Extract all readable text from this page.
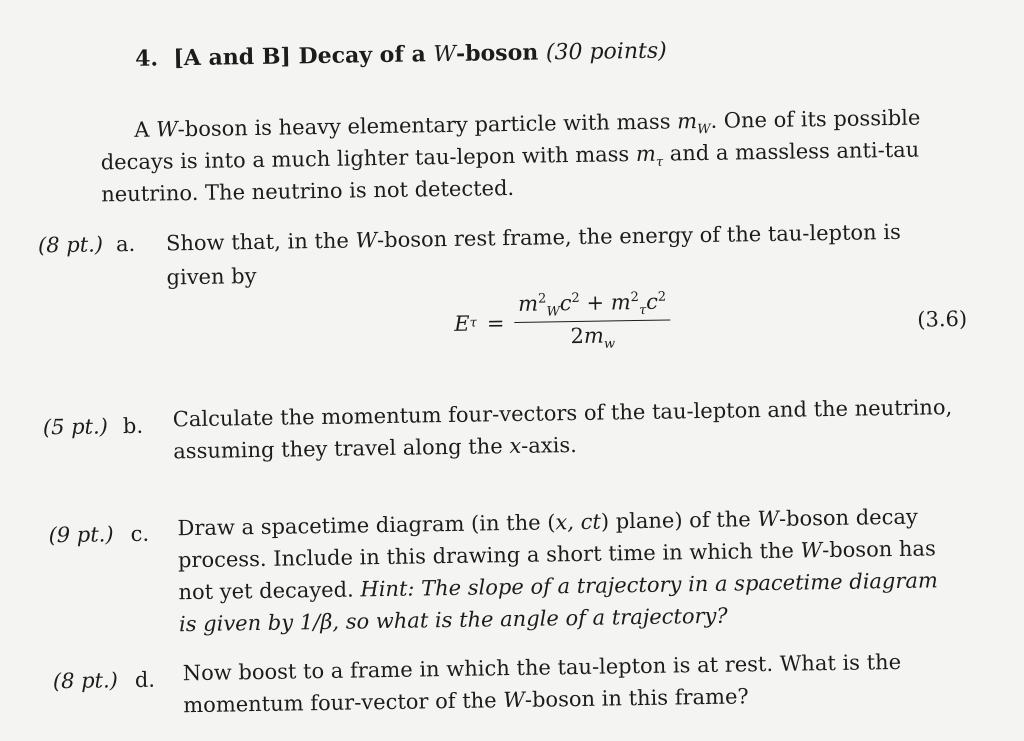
4. [A and B] Decay of a W-boson (30 points)
A W-boson is heavy elementary particle with mass $m_W$. One of its possible
decays is into a much lighter tau-lepon with mass $m_\tau$ and a massless anti-tau
neutrino. The neutrino is not detected.
(8 pt.) a. Show that, in the W-boson rest frame, the energy of the tau-lepton is
given by
E $\tau = \frac{m^2_Wc^2 + m^2_\tau c^2}{2m_w}$	(3.6)
(5 pt.) b. Calculate the momentum four-vectors of the tau-lepton and the neutrino,
assuming they travel along the x-axis.
(9 pt.) c. Draw a spacetime diagram (in the (x, ct) plane) of the W-boson decay
process. Include in this drawing a short time in which the W-boson has
not yet decayed. Hint: The slope of a trajectory in a spacetime diagram
is given by 1/β, so what is the angle of a trajectory?
(8 pt.) d. Now boost to a frame in which the tau-lepton is at rest. What is the
momentum four-vector of the W-boson in this frame?
